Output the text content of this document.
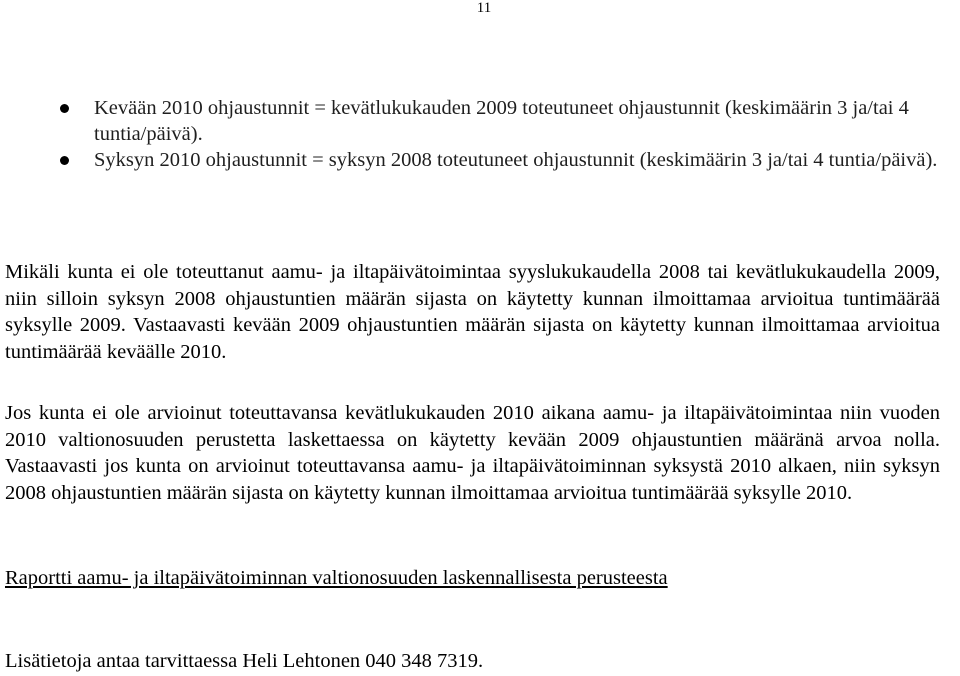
11
Kevään 2010 ohjaustunnit = kevätlukukauden 2009 toteutuneet ohjaustunnit (keskimäärin 3 ja/tai 4 tuntia/päivä).
Syksyn 2010 ohjaustunnit = syksyn 2008 toteutuneet ohjaustunnit (keskimäärin 3 ja/tai 4 tuntia/päivä).

Mikäli kunta ei ole toteuttanut aamu- ja iltapäivätoimintaa syyslukukaudella 2008 tai kevätlukukaudella 2009, niin silloin syksyn 2008 ohjaustuntien määrän sijasta on käytetty kunnan ilmoittamaa arvioitua tuntimäärää syksylle 2009. Vastaavasti kevään 2009 ohjaustuntien määrän sijasta on käytetty kunnan ilmoittamaa arvioitua tuntimäärää keväälle 2010.

Jos kunta ei ole arvioinut toteuttavansa kevätlukukauden 2010 aikana aamu- ja iltapäivätoimintaa niin vuoden 2010 valtionosuuden perustetta laskettaessa on käytetty kevään 2009 ohjaustuntien määränä arvoa nolla. Vastaavasti jos kunta on arvioinut toteuttavansa aamu- ja iltapäivätoiminnan syksystä 2010 alkaen, niin syksyn 2008 ohjaustuntien määrän sijasta on käytetty kunnan ilmoittamaa arvioitua tuntimäärää syksylle 2010.

Raportti aamu- ja iltapäivätoiminnan valtionosuuden laskennallisesta perusteesta

Lisätietoja antaa tarvittaessa Heli Lehtonen 040 348 7319.
